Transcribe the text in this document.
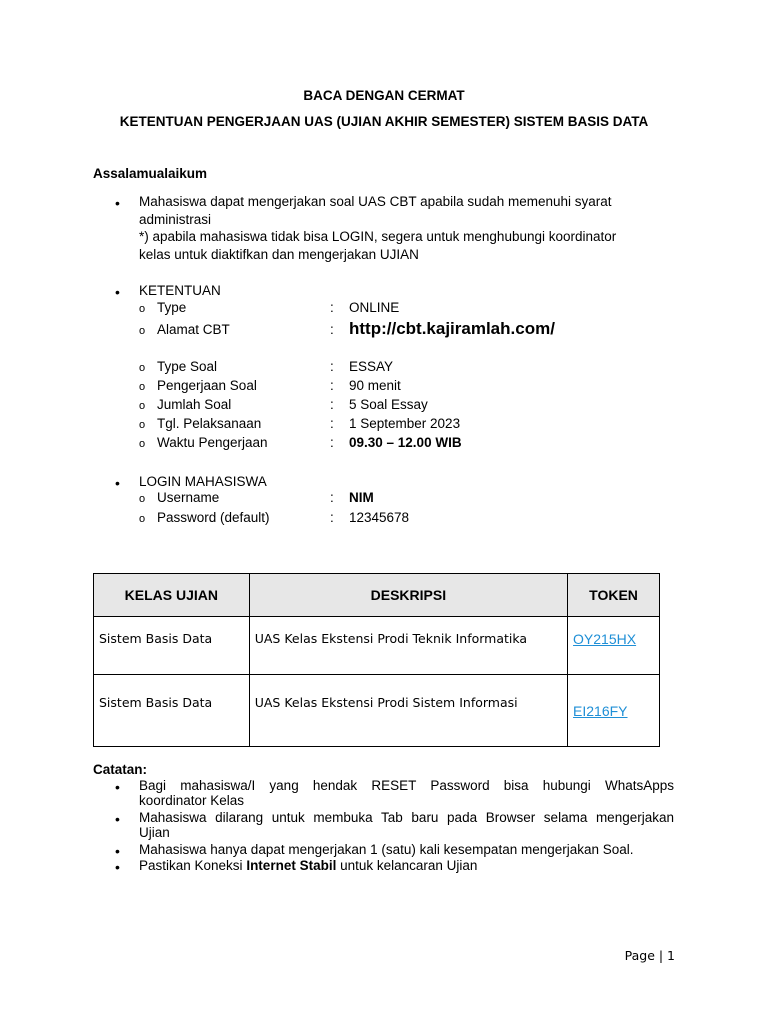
BACA DENGAN CERMAT
KETENTUAN PENGERJAAN UAS (UJIAN AKHIR SEMESTER) SISTEM BASIS DATA
Assalamualaikum
• Mahasiswa dapat mengerjakan soal UAS CBT apabila sudah memenuhi syarat
administrasi
*) apabila mahasiswa tidak bisa LOGIN, segera untuk menghubungi koordinator
kelas untuk diaktifkan dan mengerjakan UJIAN
• KETENTUAN
o Type	: ONLINE
o Alamat CBT	: http://cbt.kajiramlah.com/
o Type Soal	: ESSAY
o Pengerjaan Soal	: 90 menit
o Jumlah Soal	: 5 Soal Essay
o Tgl. Pelaksanaan	: 1 September 2023
o Waktu Pengerjaan	: 09.30 – 12.00 WIB
• LOGIN MAHASISWA
o Username	: NIM
o Password (default)	: 12345678
KELAS UJIAN	DESKRIPSI	TOKEN
Sistem Basis Data	UAS Kelas Ekstensi Prodi Teknik Informatika	OY215HX
Sistem Basis Data	UAS Kelas Ekstensi Prodi Sistem Informasi	EI216FY
Catatan:
• Bagi mahasiswa/I yang hendak RESET Password bisa hubungi WhatsApps
koordinator Kelas
• Mahasiswa dilarang untuk membuka Tab baru pada Browser selama mengerjakan
Ujian
• Mahasiswa hanya dapat mengerjakan 1 (satu) kali kesempatan mengerjakan Soal.
• Pastikan Koneksi Internet Stabil untuk kelancaran Ujian
Page | 1
